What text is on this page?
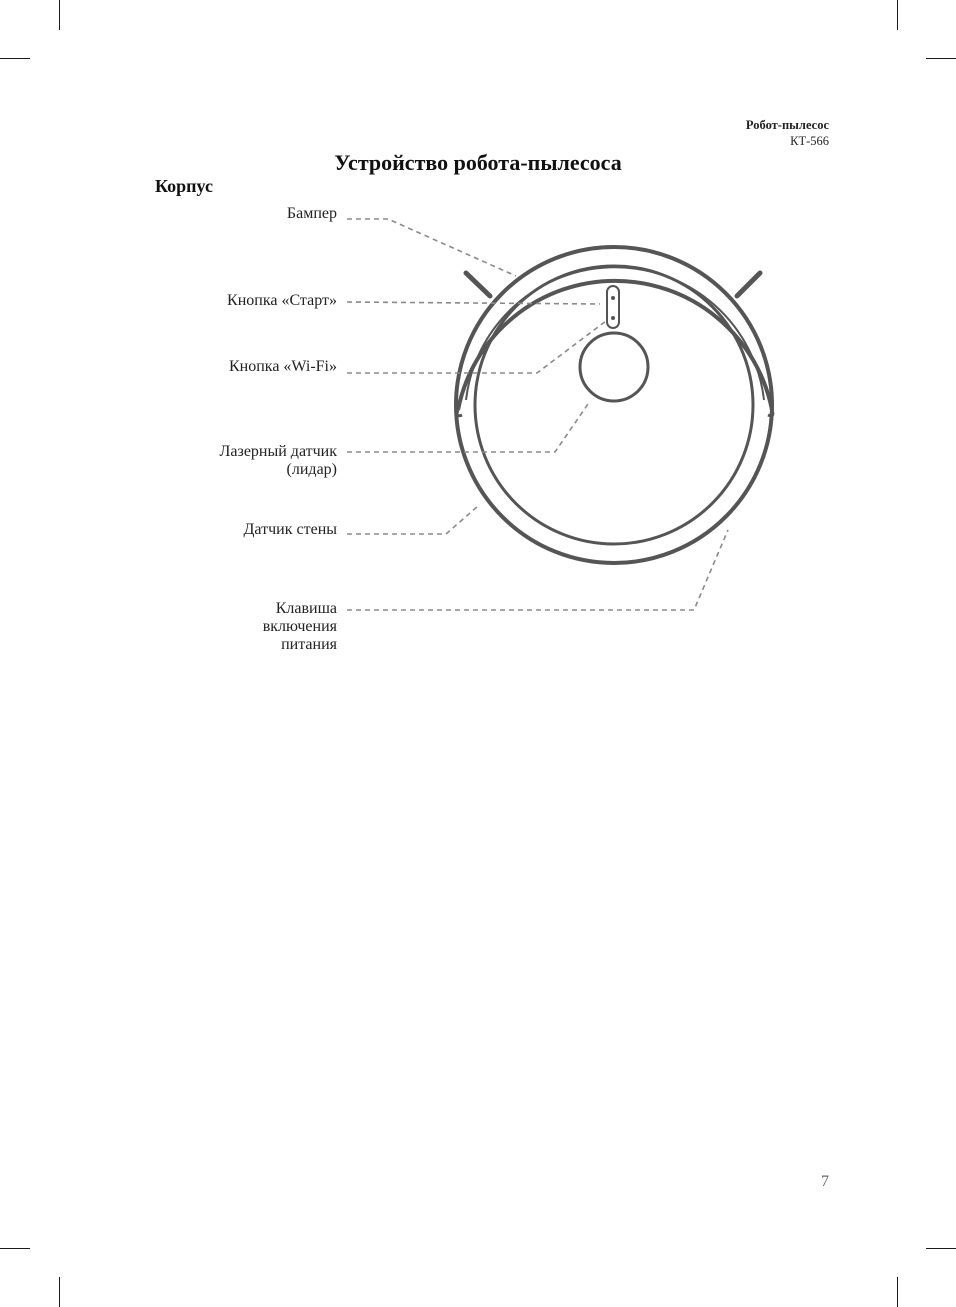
Робот-пылесос
КТ-566
Устройство робота-пылесоса
Корпус
Бампер
Кнопка «Старт»
Кнопка «Wi-Fi»
Лазерный датчик
(лидар)
Датчик стены
Клавиша
включения
питания
7
